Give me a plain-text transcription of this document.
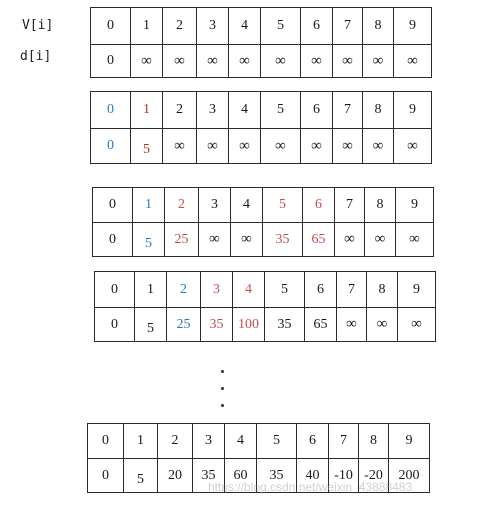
V[i]
d[i]
0	1	2	3	4	5	6	7	8	9
0	∞	∞	∞	∞	∞	∞	∞	∞	∞
0	1	2	3	4	5	6	7	8	9
0	5	∞	∞	∞	∞	∞	∞	∞	∞
0	1	2	3	4	5	6	7	8	9
0	5	25	∞	∞	35	65	∞	∞	∞
0	1	2	3	4	5	6	7	8	9
0	5	25	35	100	35	65	∞	∞	∞
0	1	2	3	4	5	6	7	8	9
0	5	20	35	60	35	40	-10	-20	200
https://blog.csdn.net/weixin_43888483
